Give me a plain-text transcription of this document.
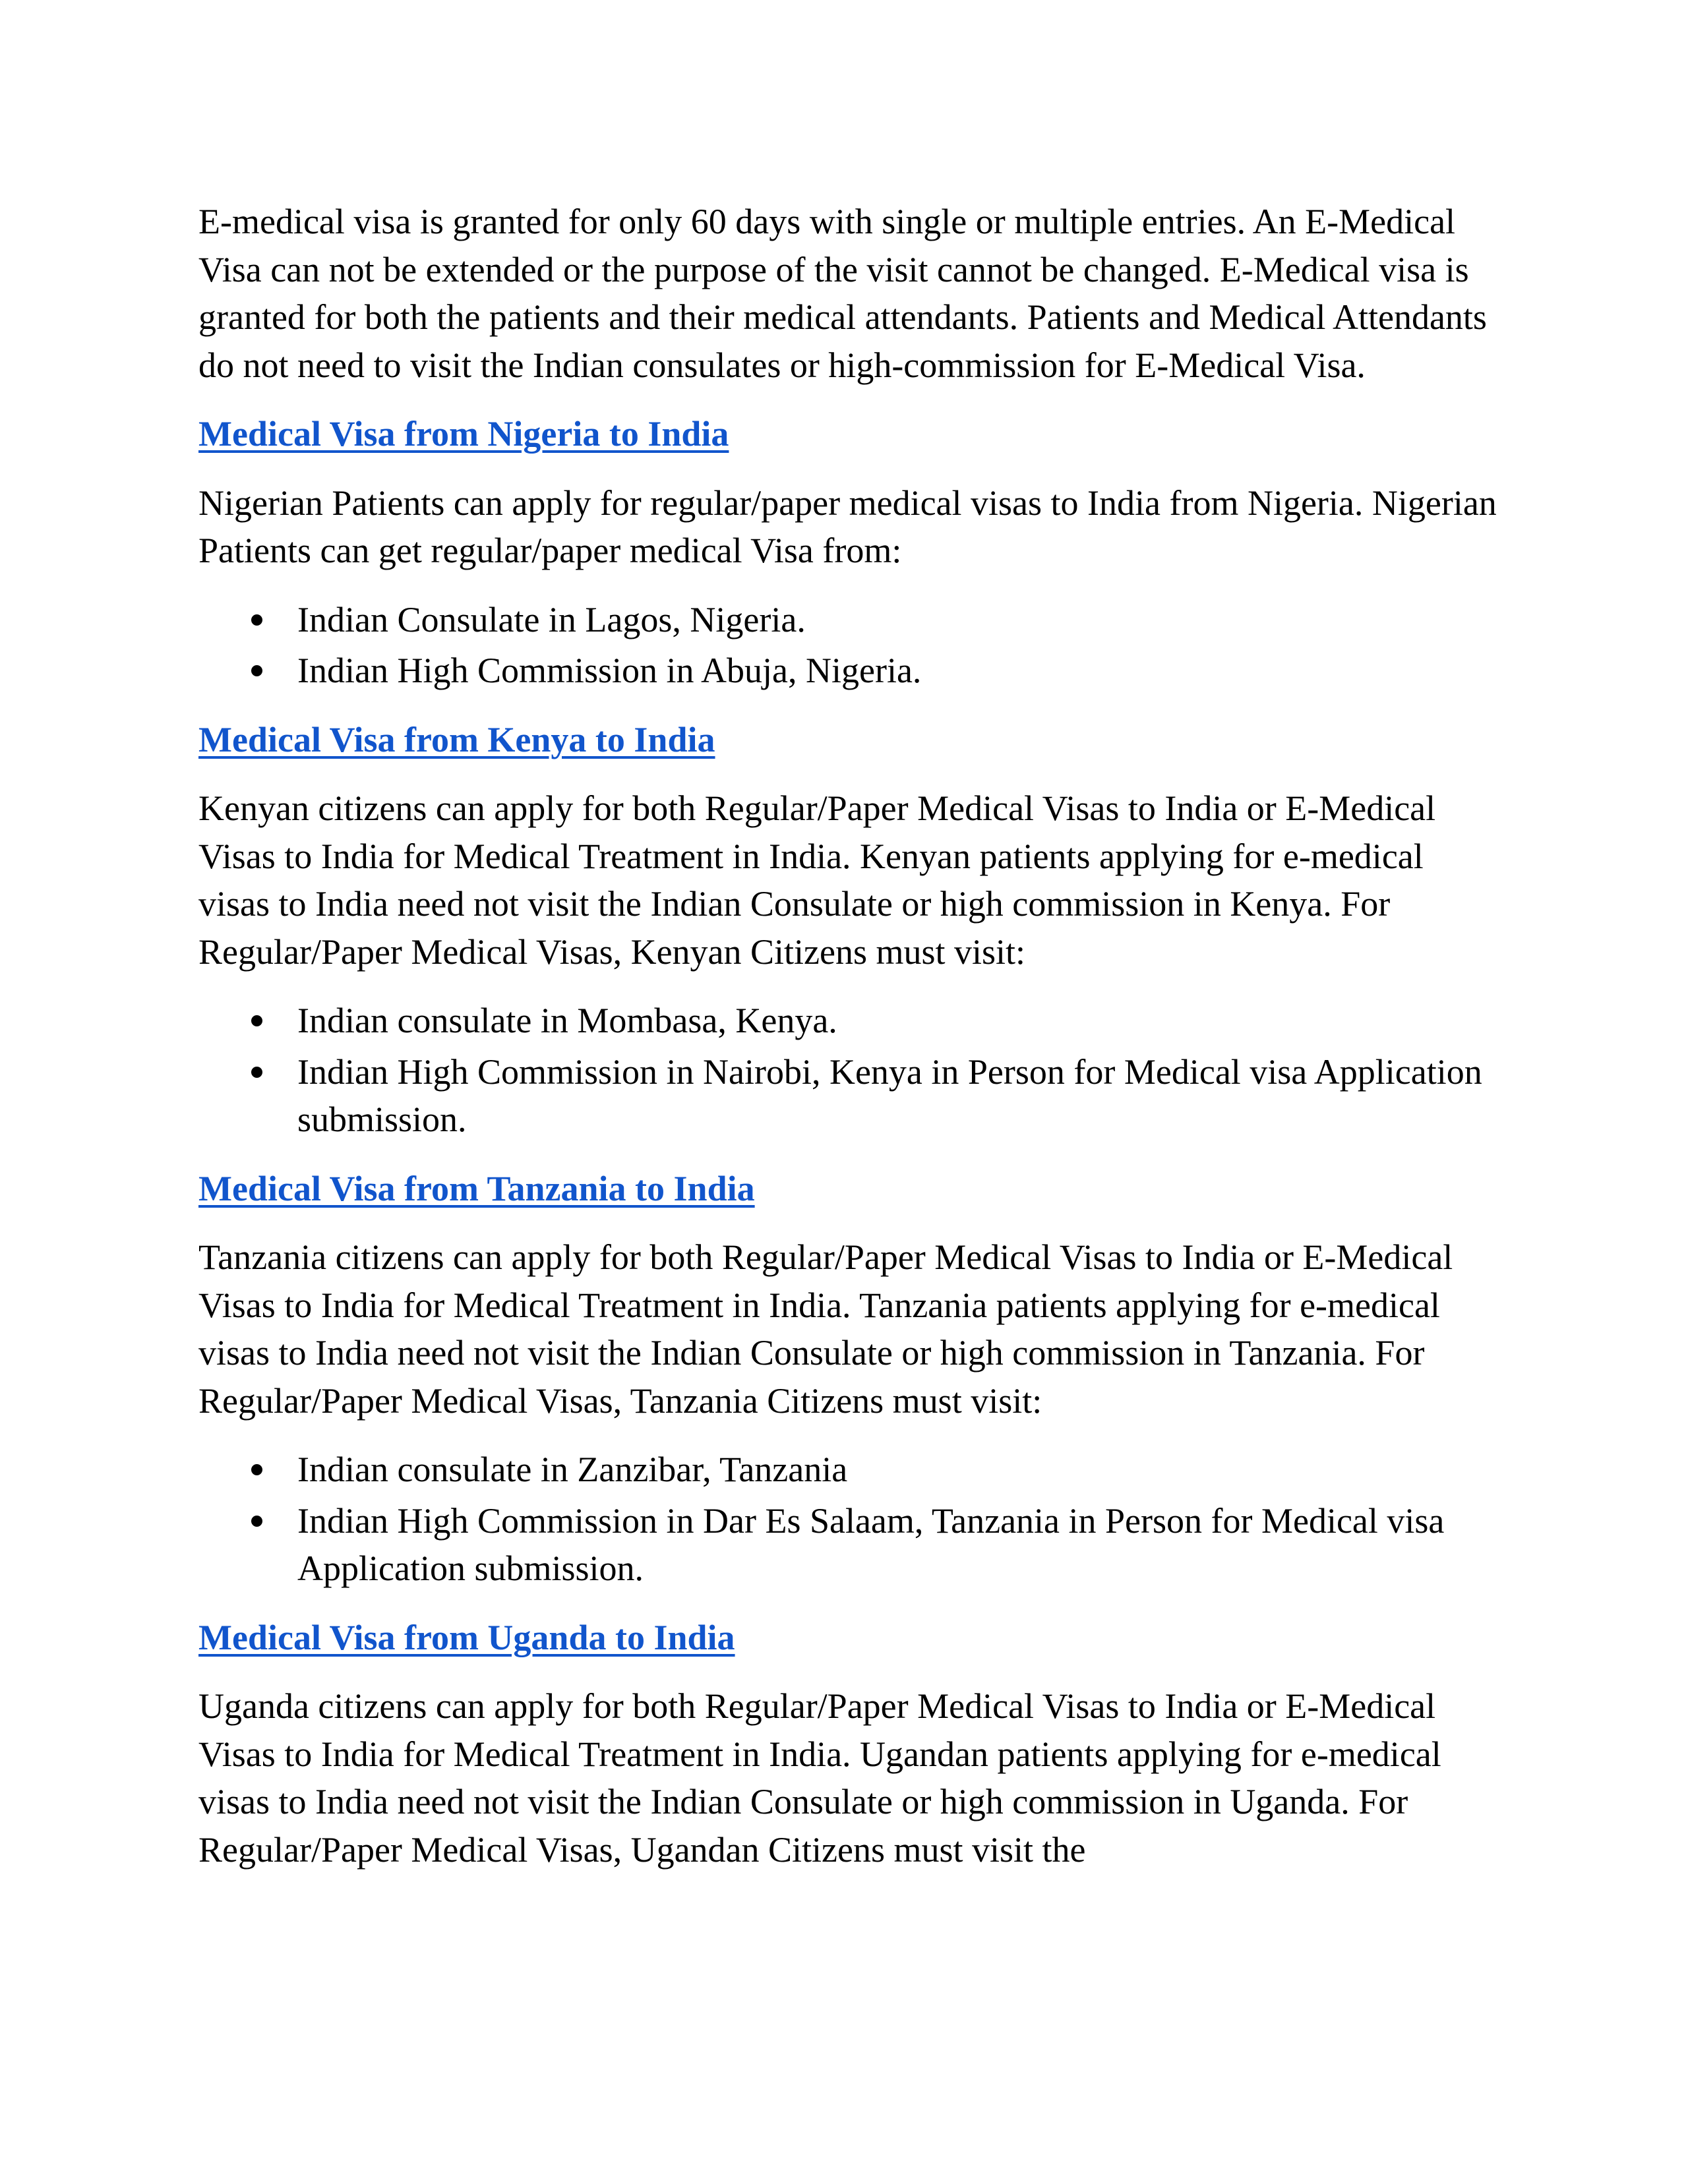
E-medical visa is granted for only 60 days with single or multiple entries. An E-Medical Visa can not be extended or the purpose of the visit cannot be changed. E-Medical visa is granted for both the patients and their medical attendants. Patients and Medical Attendants do not need to visit the Indian consulates or high-commission for E-Medical Visa.

Medical Visa from Nigeria to India

Nigerian Patients can apply for regular/paper medical visas to India from Nigeria. Nigerian Patients can get regular/paper medical Visa from:

Indian Consulate in Lagos, Nigeria.
Indian High Commission in Abuja, Nigeria.
Medical Visa from Kenya to India

Kenyan citizens can apply for both Regular/Paper Medical Visas to India or E-Medical Visas to India for Medical Treatment in India. Kenyan patients applying for e-medical visas to India need not visit the Indian Consulate or high commission in Kenya. For Regular/Paper Medical Visas, Kenyan Citizens must visit:

Indian consulate in Mombasa, Kenya.
Indian High Commission in Nairobi, Kenya in Person for Medical visa Application submission.
Medical Visa from Tanzania to India

Tanzania citizens can apply for both Regular/Paper Medical Visas to India or E-Medical Visas to India for Medical Treatment in India. Tanzania patients applying for e-medical visas to India need not visit the Indian Consulate or high commission in Tanzania. For Regular/Paper Medical Visas, Tanzania Citizens must visit:

Indian consulate in Zanzibar, Tanzania
Indian High Commission in Dar Es Salaam, Tanzania in Person for Medical visa Application submission.
Medical Visa from Uganda to India

Uganda citizens can apply for both Regular/Paper Medical Visas to India or E-Medical Visas to India for Medical Treatment in India. Ugandan patients applying for e-medical visas to India need not visit the Indian Consulate or high commission in Uganda. For Regular/Paper Medical Visas, Ugandan Citizens must visit the
